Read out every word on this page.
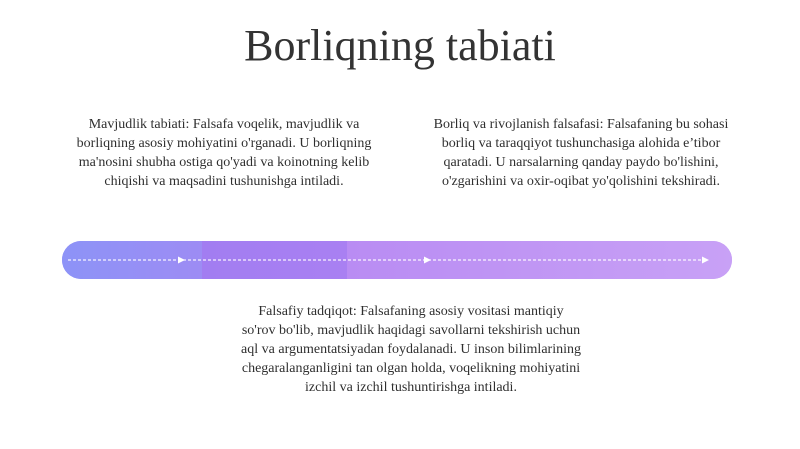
Borliqning tabiati
Mavjudlik tabiati: Falsafa voqelik, mavjudlik va borliqning asosiy mohiyatini o'rganadi. U borliqning ma'nosini shubha ostiga qo'yadi va koinotning kelib chiqishi va maqsadini tushunishga intiladi.
Borliq va rivojlanish falsafasi: Falsafaning bu sohasi borliq va taraqqiyot tushunchasiga alohida e’tibor qaratadi. U narsalarning qanday paydo bo'lishini, o'zgarishini va oxir-oqibat yo'qolishini tekshiradi.
Falsafiy tadqiqot: Falsafaning asosiy vositasi mantiqiy so'rov bo'lib, mavjudlik haqidagi savollarni tekshirish uchun aql va argumentatsiyadan foydalanadi. U inson bilimlarining chegaralanganligini tan olgan holda, voqelikning mohiyatini izchil va izchil tushuntirishga intiladi.
